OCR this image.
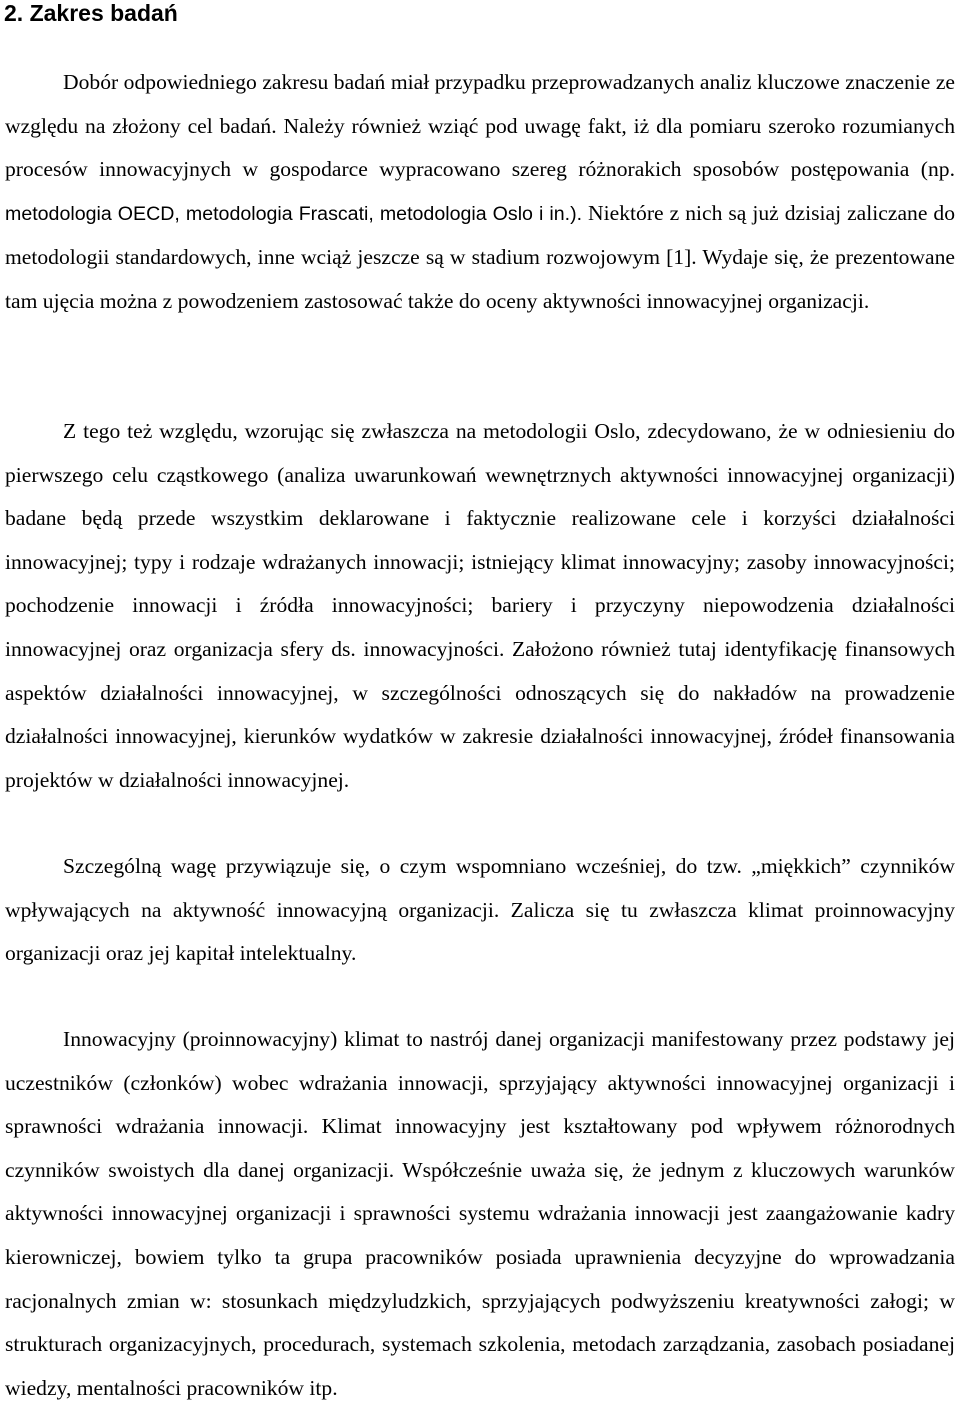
2. Zakres badań

Dobór odpowiedniego zakresu badań miał przypadku przeprowadzanych analiz kluczowe znaczenie ze względu na złożony cel badań. Należy również wziąć pod uwagę fakt, iż dla pomiaru szeroko rozumianych procesów innowacyjnych w gospodarce wypracowano szereg różnorakich sposobów postępowania (np. metodologia OECD, metodologia Frascati, metodologia Oslo i in.). Niektóre z nich są już dzisiaj zaliczane do metodologii standardowych, inne wciąż jeszcze są w stadium rozwojowym [1]. Wydaje się, że prezentowane tam ujęcia można z powodzeniem zastosować także do oceny aktywności innowacyjnej organizacji.

Z tego też względu, wzorując się zwłaszcza na metodologii Oslo, zdecydowano, że w odniesieniu do pierwszego celu cząstkowego (analiza uwarunkowań wewnętrznych aktywności innowacyjnej organizacji) badane będą przede wszystkim deklarowane i faktycznie realizowane cele i korzyści działalności innowacyjnej; typy i rodzaje wdrażanych innowacji; istniejący klimat innowacyjny; zasoby innowacyjności; pochodzenie innowacji i źródła innowacyjności; bariery i przyczyny niepowodzenia działalności innowacyjnej oraz organizacja sfery ds. innowacyjności. Założono również tutaj identyfikację finansowych aspektów działalności innowacyjnej, w szczególności odnoszących się do nakładów na prowadzenie działalności innowacyjnej, kierunków wydatków w zakresie działalności innowacyjnej, źródeł finansowania projektów w działalności innowacyjnej.

Szczególną wagę przywiązuje się, o czym wspomniano wcześniej, do tzw. „miękkich” czynników wpływających na aktywność innowacyjną organizacji. Zalicza się tu zwłaszcza klimat proinnowacyjny organizacji oraz jej kapitał intelektualny.

Innowacyjny (proinnowacyjny) klimat to nastrój danej organizacji manifestowany przez podstawy jej uczestników (członków) wobec wdrażania innowacji, sprzyjający aktywności innowacyjnej organizacji i sprawności wdrażania innowacji. Klimat innowacyjny jest kształtowany pod wpływem różnorodnych czynników swoistych dla danej organizacji. Współcześnie uważa się, że jednym z kluczowych warunków aktywności innowacyjnej organizacji i sprawności systemu wdrażania innowacji jest zaangażowanie kadry kierowniczej, bowiem tylko ta grupa pracowników posiada uprawnienia decyzyjne do wprowadzania racjonalnych zmian w: stosunkach międzyludzkich, sprzyjających podwyższeniu kreatywności załogi; w strukturach organizacyjnych, procedurach, systemach szkolenia, metodach zarządzania, zasobach posiadanej wiedzy, mentalności pracowników itp.
